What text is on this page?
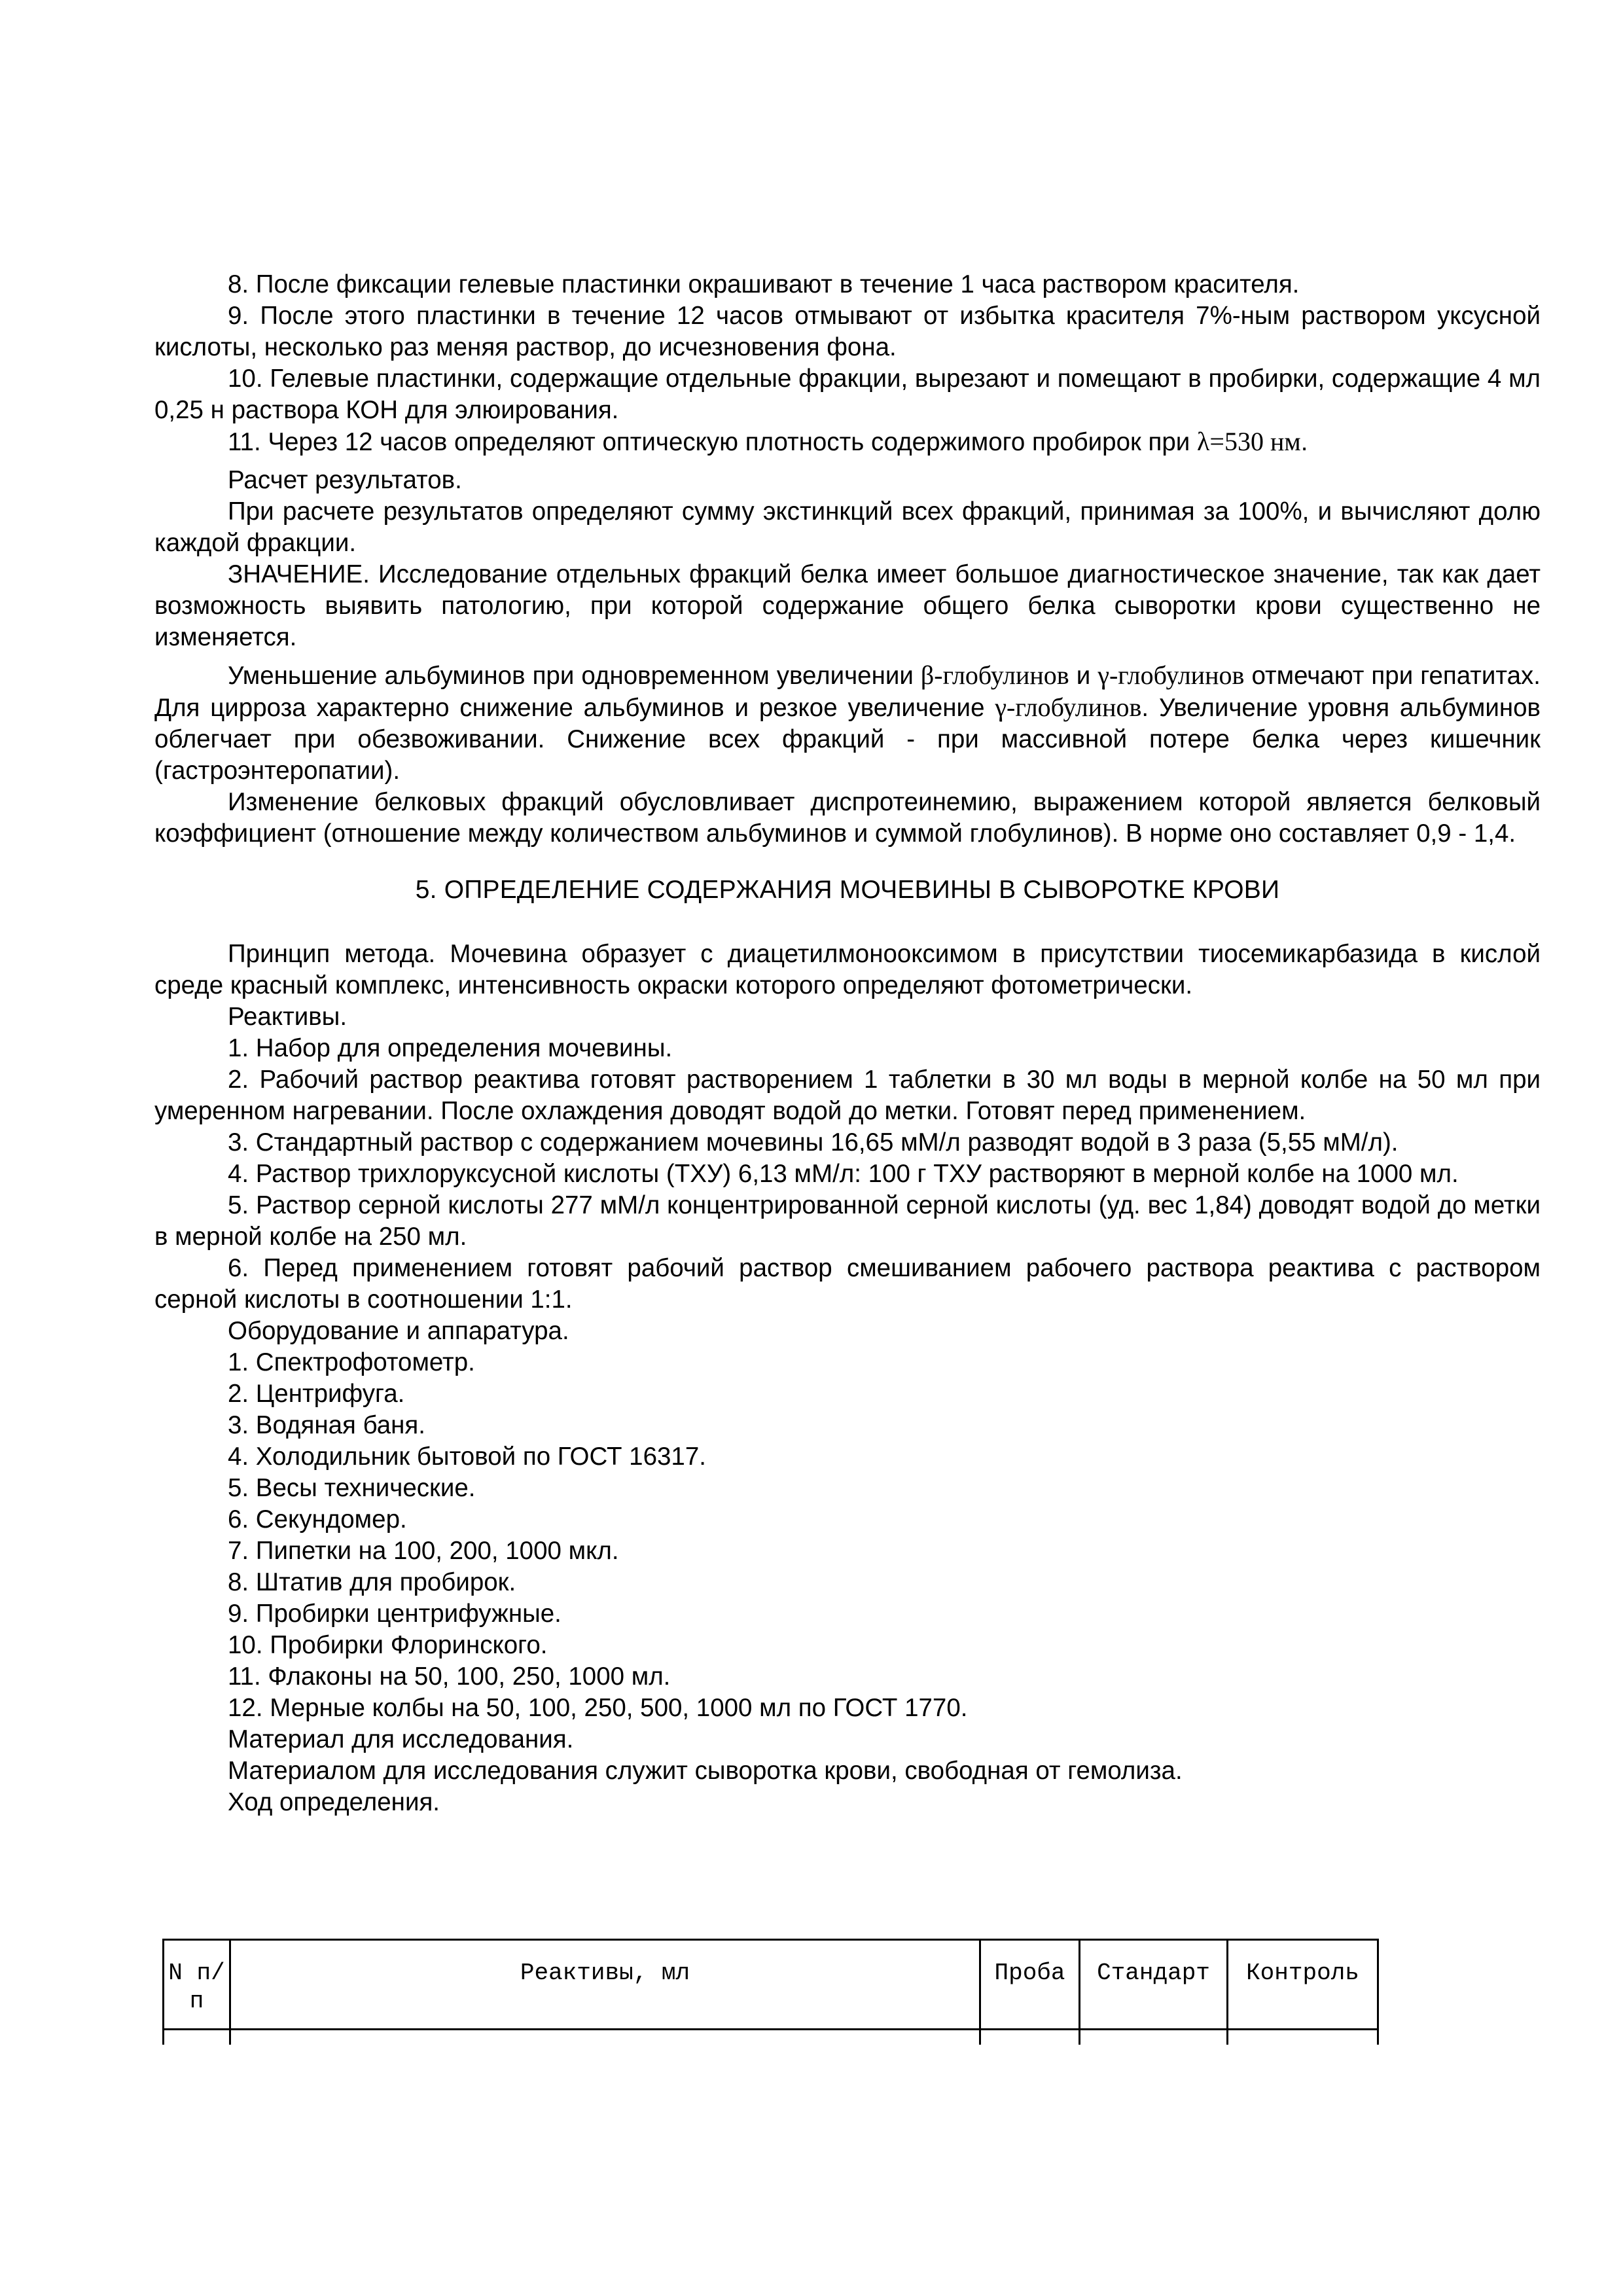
8. После фиксации гелевые пластинки окрашивают в течение 1 часа раствором красителя.

9. После этого пластинки в течение 12 часов отмывают от избытка красителя 7%-ным раствором уксусной кислоты, несколько раз меняя раствор, до исчезновения фона.

10. Гелевые пластинки, содержащие отдельные фракции, вырезают и помещают в пробирки, содержащие 4 мл 0,25 н раствора КОН для элюирования.

11. Через 12 часов определяют оптическую плотность содержимого пробирок при λ=530 нм.

Расчет результатов.

При расчете результатов определяют сумму экстинкций всех фракций, принимая за 100%, и вычисляют долю каждой фракции.

ЗНАЧЕНИЕ. Исследование отдельных фракций белка имеет большое диагностическое значение, так как дает возможность выявить патологию, при которой содержание общего белка сыворотки крови существенно не изменяется.

Уменьшение альбуминов при одновременном увеличении β-глобулинов и γ-глобулинов отмечают при гепатитах. Для цирроза характерно снижение альбуминов и резкое увеличение γ-глобулинов. Увеличение уровня альбуминов облегчает при обезвоживании. Снижение всех фракций - при массивной потере белка через кишечник (гастроэнтеропатии).

Изменение белковых фракций обусловливает диспротеинемию, выражением которой является белковый коэффициент (отношение между количеством альбуминов и суммой глобулинов). В норме оно составляет 0,9 - 1,4.

5. ОПРЕДЕЛЕНИЕ СОДЕРЖАНИЯ МОЧЕВИНЫ В СЫВОРОТКЕ КРОВИ

Принцип метода. Мочевина образует с диацетилмонооксимом в присутствии тиосемикарбазида в кислой среде красный комплекс, интенсивность окраски которого определяют фотометрически.

Реактивы.

1. Набор для определения мочевины.

2. Рабочий раствор реактива готовят растворением 1 таблетки в 30 мл воды в мерной колбе на 50 мл при умеренном нагревании. После охлаждения доводят водой до метки. Готовят перед применением.

3. Стандартный раствор с содержанием мочевины 16,65 мМ/л разводят водой в 3 раза (5,55 мМ/л).

4. Раствор трихлоруксусной кислоты (ТХУ) 6,13 мМ/л: 100 г ТХУ растворяют в мерной колбе на 1000 мл.

5. Раствор серной кислоты 277 мМ/л концентрированной серной кислоты (уд. вес 1,84) доводят водой до метки в мерной колбе на 250 мл.

6. Перед применением готовят рабочий раствор смешиванием рабочего раствора реактива с раствором серной кислоты в соотношении 1:1.

Оборудование и аппаратура.

1. Спектрофотометр.

2. Центрифуга.

3. Водяная баня.

4. Холодильник бытовой по ГОСТ 16317.

5. Весы технические.

6. Секундомер.

7. Пипетки на 100, 200, 1000 мкл.

8. Штатив для пробирок.

9. Пробирки центрифужные.

10. Пробирки Флоринского.

11. Флаконы на 50, 100, 250, 1000 мл.

12. Мерные колбы на 50, 100, 250, 500, 1000 мл по ГОСТ 1770.

Материал для исследования.

Материалом для исследования служит сыворотка крови, свободная от гемолиза.

Ход определения.

N п/п	Реактивы, мл	Проба	Стандарт	Контроль
